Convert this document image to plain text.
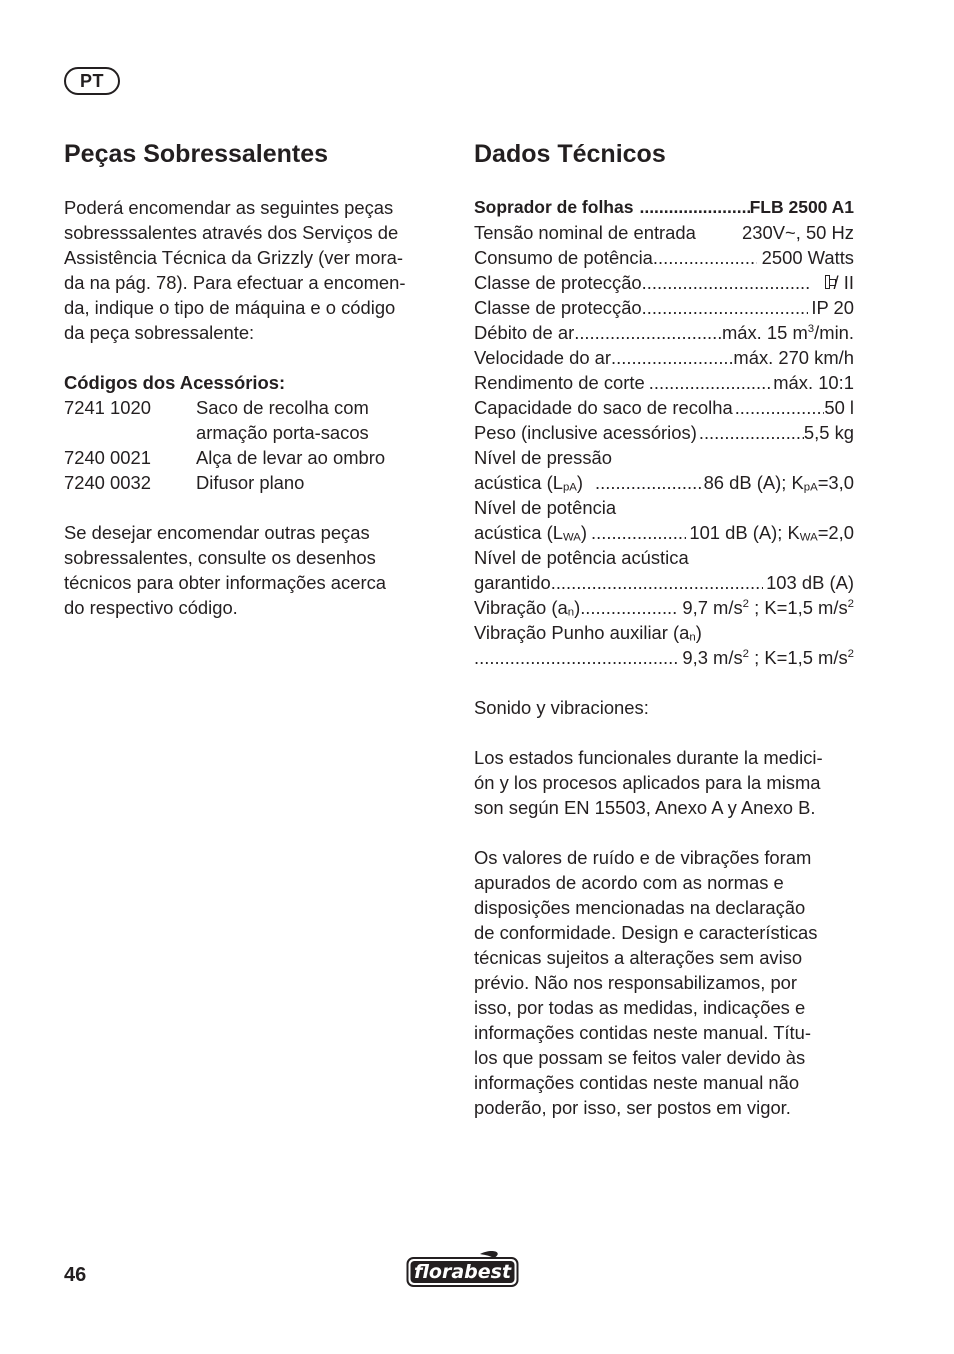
PT
Peças Sobressalentes	Dados Técnicos

Poderá encomendar as seguintes peças

sobresssalentes através dos Serviços de

Assistência Técnica da Grizzly (ver mora-

da na pág. 78). Para efectuar a encomen-

da, indique o tipo de máquina e o código

da peça sobressalente:

Códigos dos Acessórios:

7241 1020	Saco de recolha com
armação porta-sacos
7240 0021	Alça de levar ao ombro
7240 0032	Difusor plano

Se desejar encomendar outras peças

sobressalentes, consulte os desenhos

técnicos para obter informações acerca

do respectivo código.

Soprador de folhas .....	FLB 2500 A1
Tensão nominal de entrada	230V~, 50 Hz
Consumo de potência .....	2500 Watts
Classe de protecção .....	/ II
Classe de protecção .....	IP 20
Débito de ar .....	máx. 15 $m^3/\min$.
Velocidade do ar .....	máx. 270 km/h
Rendimento de corte .....	máx. 10:1
Capacidade do saco de recolha .....	50 l
Peso (inclusive acessórios) .....	5,5 kg

Nível de pressão

acústica $(L_{pA})$ .....	86 dB (A); $K_{pA}=3,0$

Nível de potência

acústica $(L_{WA})$ .....	101 dB (A); $K_{WA}=2,0$

Nível de potência acústica

garantido .....	103 dB (A)
Vibração $(a_n)$ .....	9,7 $m/s^2$ ; K=1,5 $m/s^2$

Vibração Punho auxiliar $(a_n)$

.....
9,3 $m/s^2$ ; K=1,5 $m/s^2$

Sonido y vibraciones:

Los estados funcionales durante la medici-

ón y los procesos aplicados para la misma

son según EN 15503, Anexo A y Anexo B.

Os valores de ruído e de vibrações foram

apurados de acordo com as normas e

disposições mencionadas na declaração

de conformidade. Design e características

técnicas sujeitos a alterações sem aviso

prévio. Não nos responsabilizamos, por

isso, por todas as medidas, indicações e

informações contidas neste manual. Títu-

los que possam se feitos valer devido às

informações contidas neste manual não

poderão, por isso, ser postos em vigor.

46	florabest
